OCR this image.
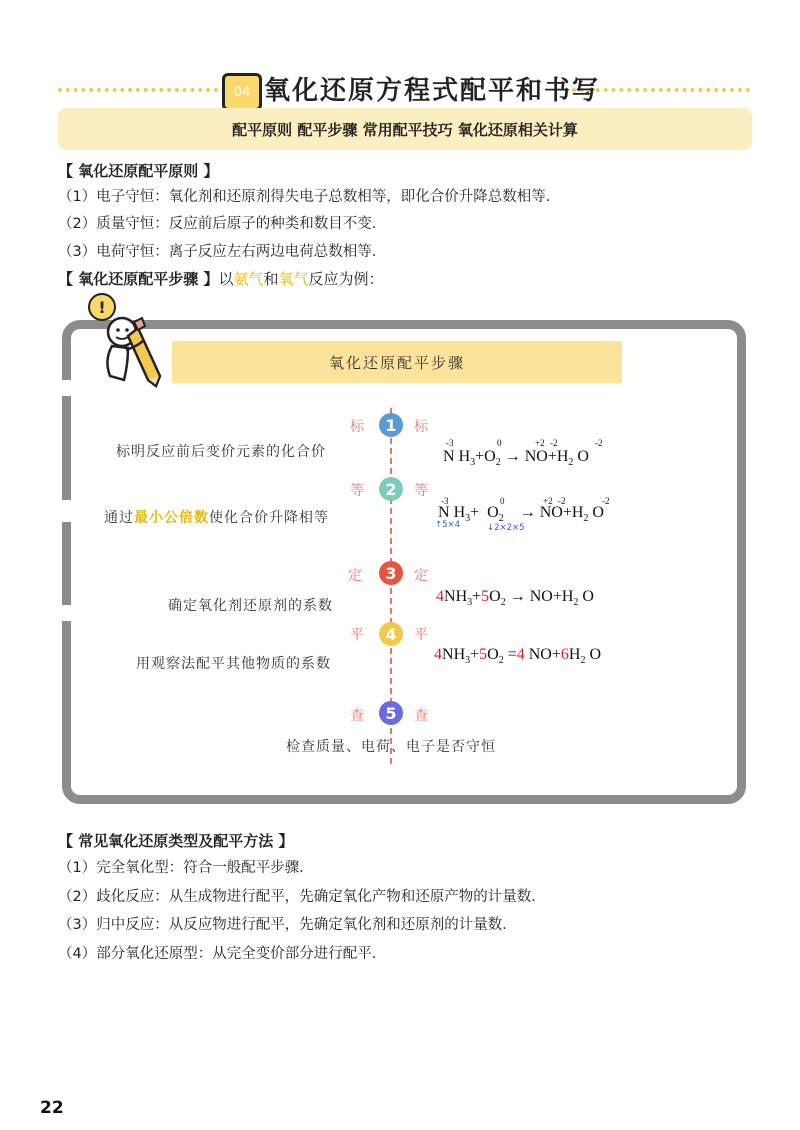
04 氧化还原方程式配平和书写
配平原则 配平步骤 常用配平技巧 氧化还原相关计算
【 氧化还原配平原则 】
（1）电子守恒：氧化剂和还原剂得失电子总数相等，即化合价升降总数相等．
（2）质量守恒：反应前后原子的种类和数目不变.
（3）电荷守恒：离子反应左右两边电荷总数相等．
【 氧化还原配平步骤 】以氨气和氧气反应为例：
!
氧化还原配平步骤
标	1	标
标明反应前后变价元素的化合价
-3	0	+2 -2	-2
N $H_3+O_2 \to NO+H_2$ O
等	2	等
通过最小公倍数使化合价升降相等
-3	0	+2 -2	-2
N $H_3+ O_2 \to NO+H_2$ O
↑5×4	↓2×2×5
定	3	定
确定氧化剂还原剂的系数
$4NH_3+5O_2 \to NO+H_2$ O
平	4	平
用观察法配平其他物质的系数
$4NH_3+5O_2 =4$ $NO+6H_2$ O
查	5	查
检查质量、电荷、电子是否守恒
【 常见氧化还原类型及配平方法 】
（1）完全氧化型：符合一般配平步骤．
（2）歧化反应：从生成物进行配平，先确定氧化产物和还原产物的计量数．
（3）归中反应：从反应物进行配平，先确定氧化剂和还原剂的计量数．
（4）部分氧化还原型：从完全变价部分进行配平．
22
